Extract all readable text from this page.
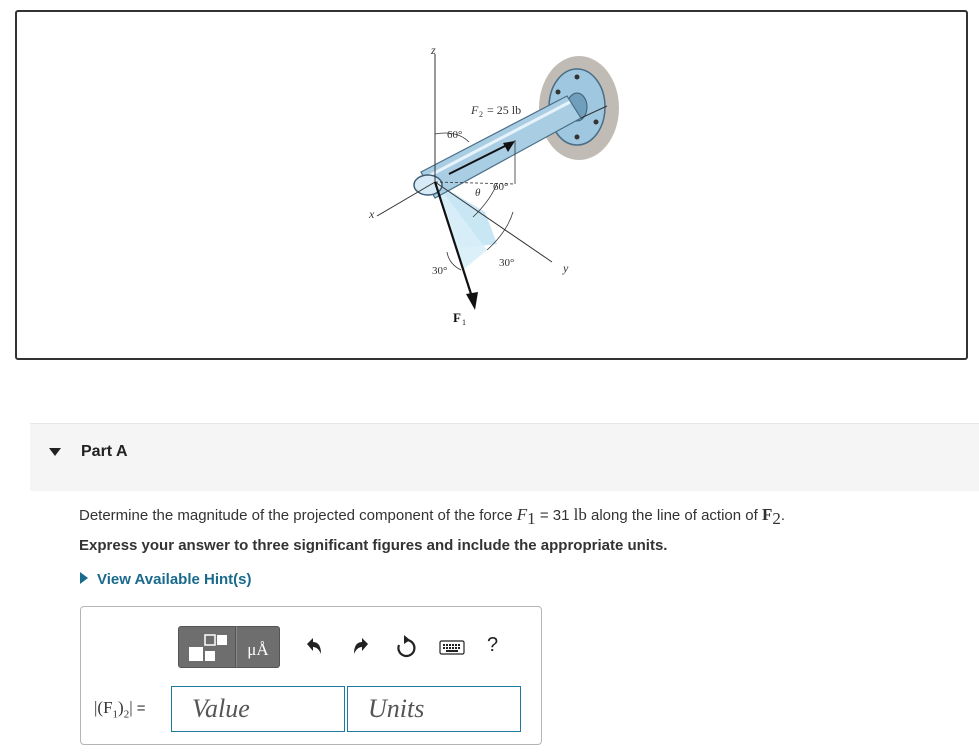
z
x
y
F 2 = 25 lb
60°
60°
θ
30°
30°
F 1
Part A
Determine the magnitude of the projected component of the force $F_1 = 31$ lb along the line of action of $F_2$.
Express your answer to three significant figures and include the appropriate units.
View Available Hint(s)
μÅ	?
$|(F_1)_2|$ =	Value	Units
